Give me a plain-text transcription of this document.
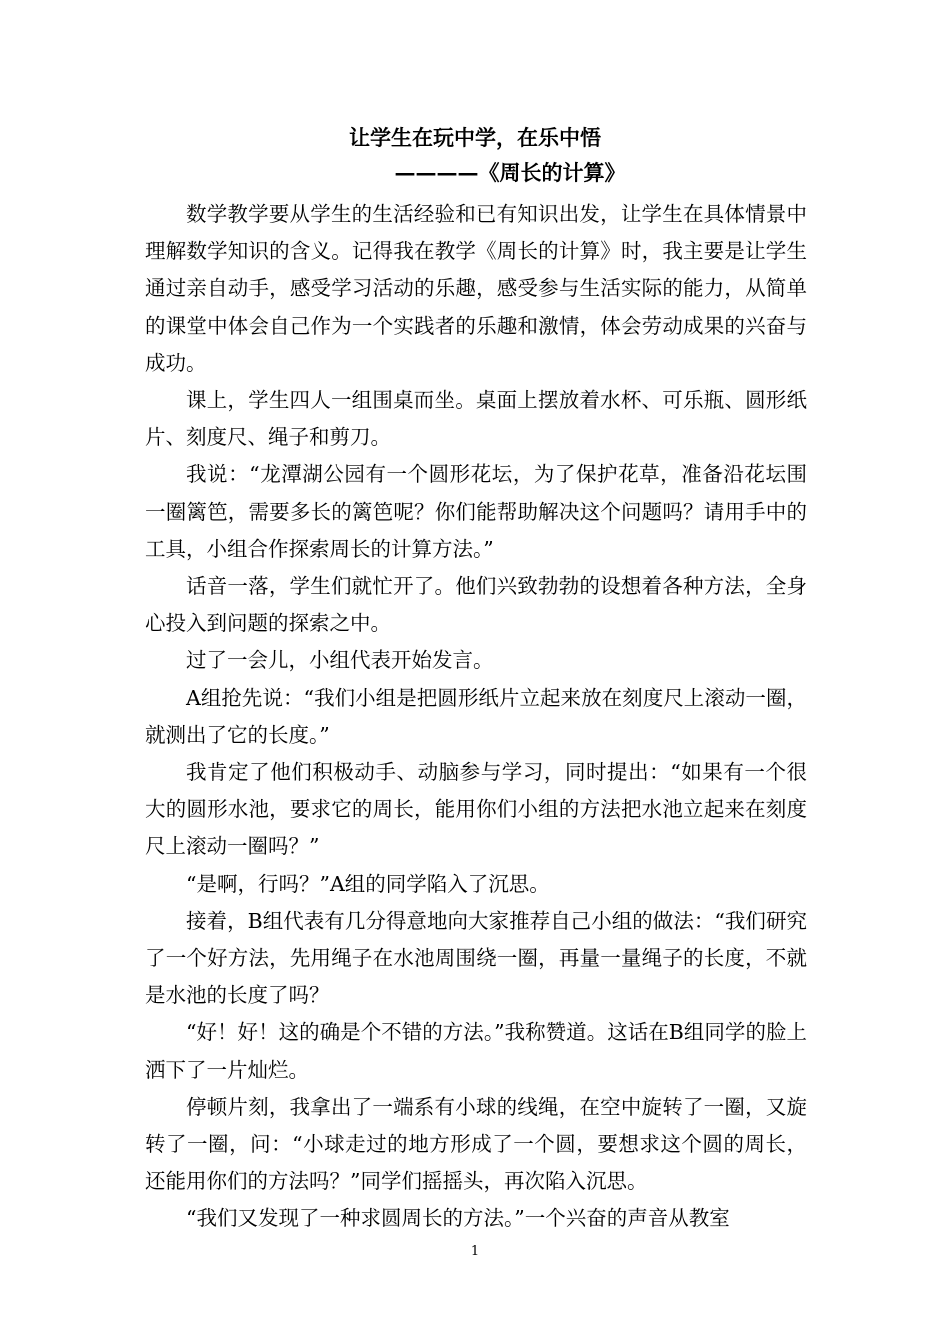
让学生在玩中学，在乐中悟
————《周长的计算》

数学教学要从学生的生活经验和已有知识出发，让学生在具体情景中理解数学知识的含义。记得我在教学《周长的计算》时，我主要是让学生通过亲自动手，感受学习活动的乐趣，感受参与生活实际的能力，从简单的课堂中体会自己作为一个实践者的乐趣和激情，体会劳动成果的兴奋与成功。

课上，学生四人一组围桌而坐。桌面上摆放着水杯、可乐瓶、圆形纸片、刻度尺、绳子和剪刀。

我说：“龙潭湖公园有一个圆形花坛，为了保护花草，准备沿花坛围一圈篱笆，需要多长的篱笆呢？你们能帮助解决这个问题吗？请用手中的工具，小组合作探索周长的计算方法。”

话音一落，学生们就忙开了。他们兴致勃勃的设想着各种方法，全身心投入到问题的探索之中。

过了一会儿，小组代表开始发言。

A组抢先说：“我们小组是把圆形纸片立起来放在刻度尺上滚动一圈，就测出了它的长度。”

我肯定了他们积极动手、动脑参与学习，同时提出：“如果有一个很大的圆形水池，要求它的周长，能用你们小组的方法把水池立起来在刻度尺上滚动一圈吗？”

“是啊，行吗？”A组的同学陷入了沉思。

接着，B组代表有几分得意地向大家推荐自己小组的做法：“我们研究了一个好方法，先用绳子在水池周围绕一圈，再量一量绳子的长度，不就是水池的长度了吗？

“好！好！这的确是个不错的方法。”我称赞道。这话在B组同学的脸上洒下了一片灿烂。

停顿片刻，我拿出了一端系有小球的线绳，在空中旋转了一圈，又旋转了一圈，问：“小球走过的地方形成了一个圆，要想求这个圆的周长，还能用你们的方法吗？”同学们摇摇头，再次陷入沉思。

“我们又发现了一种求圆周长的方法。”一个兴奋的声音从教室

1
